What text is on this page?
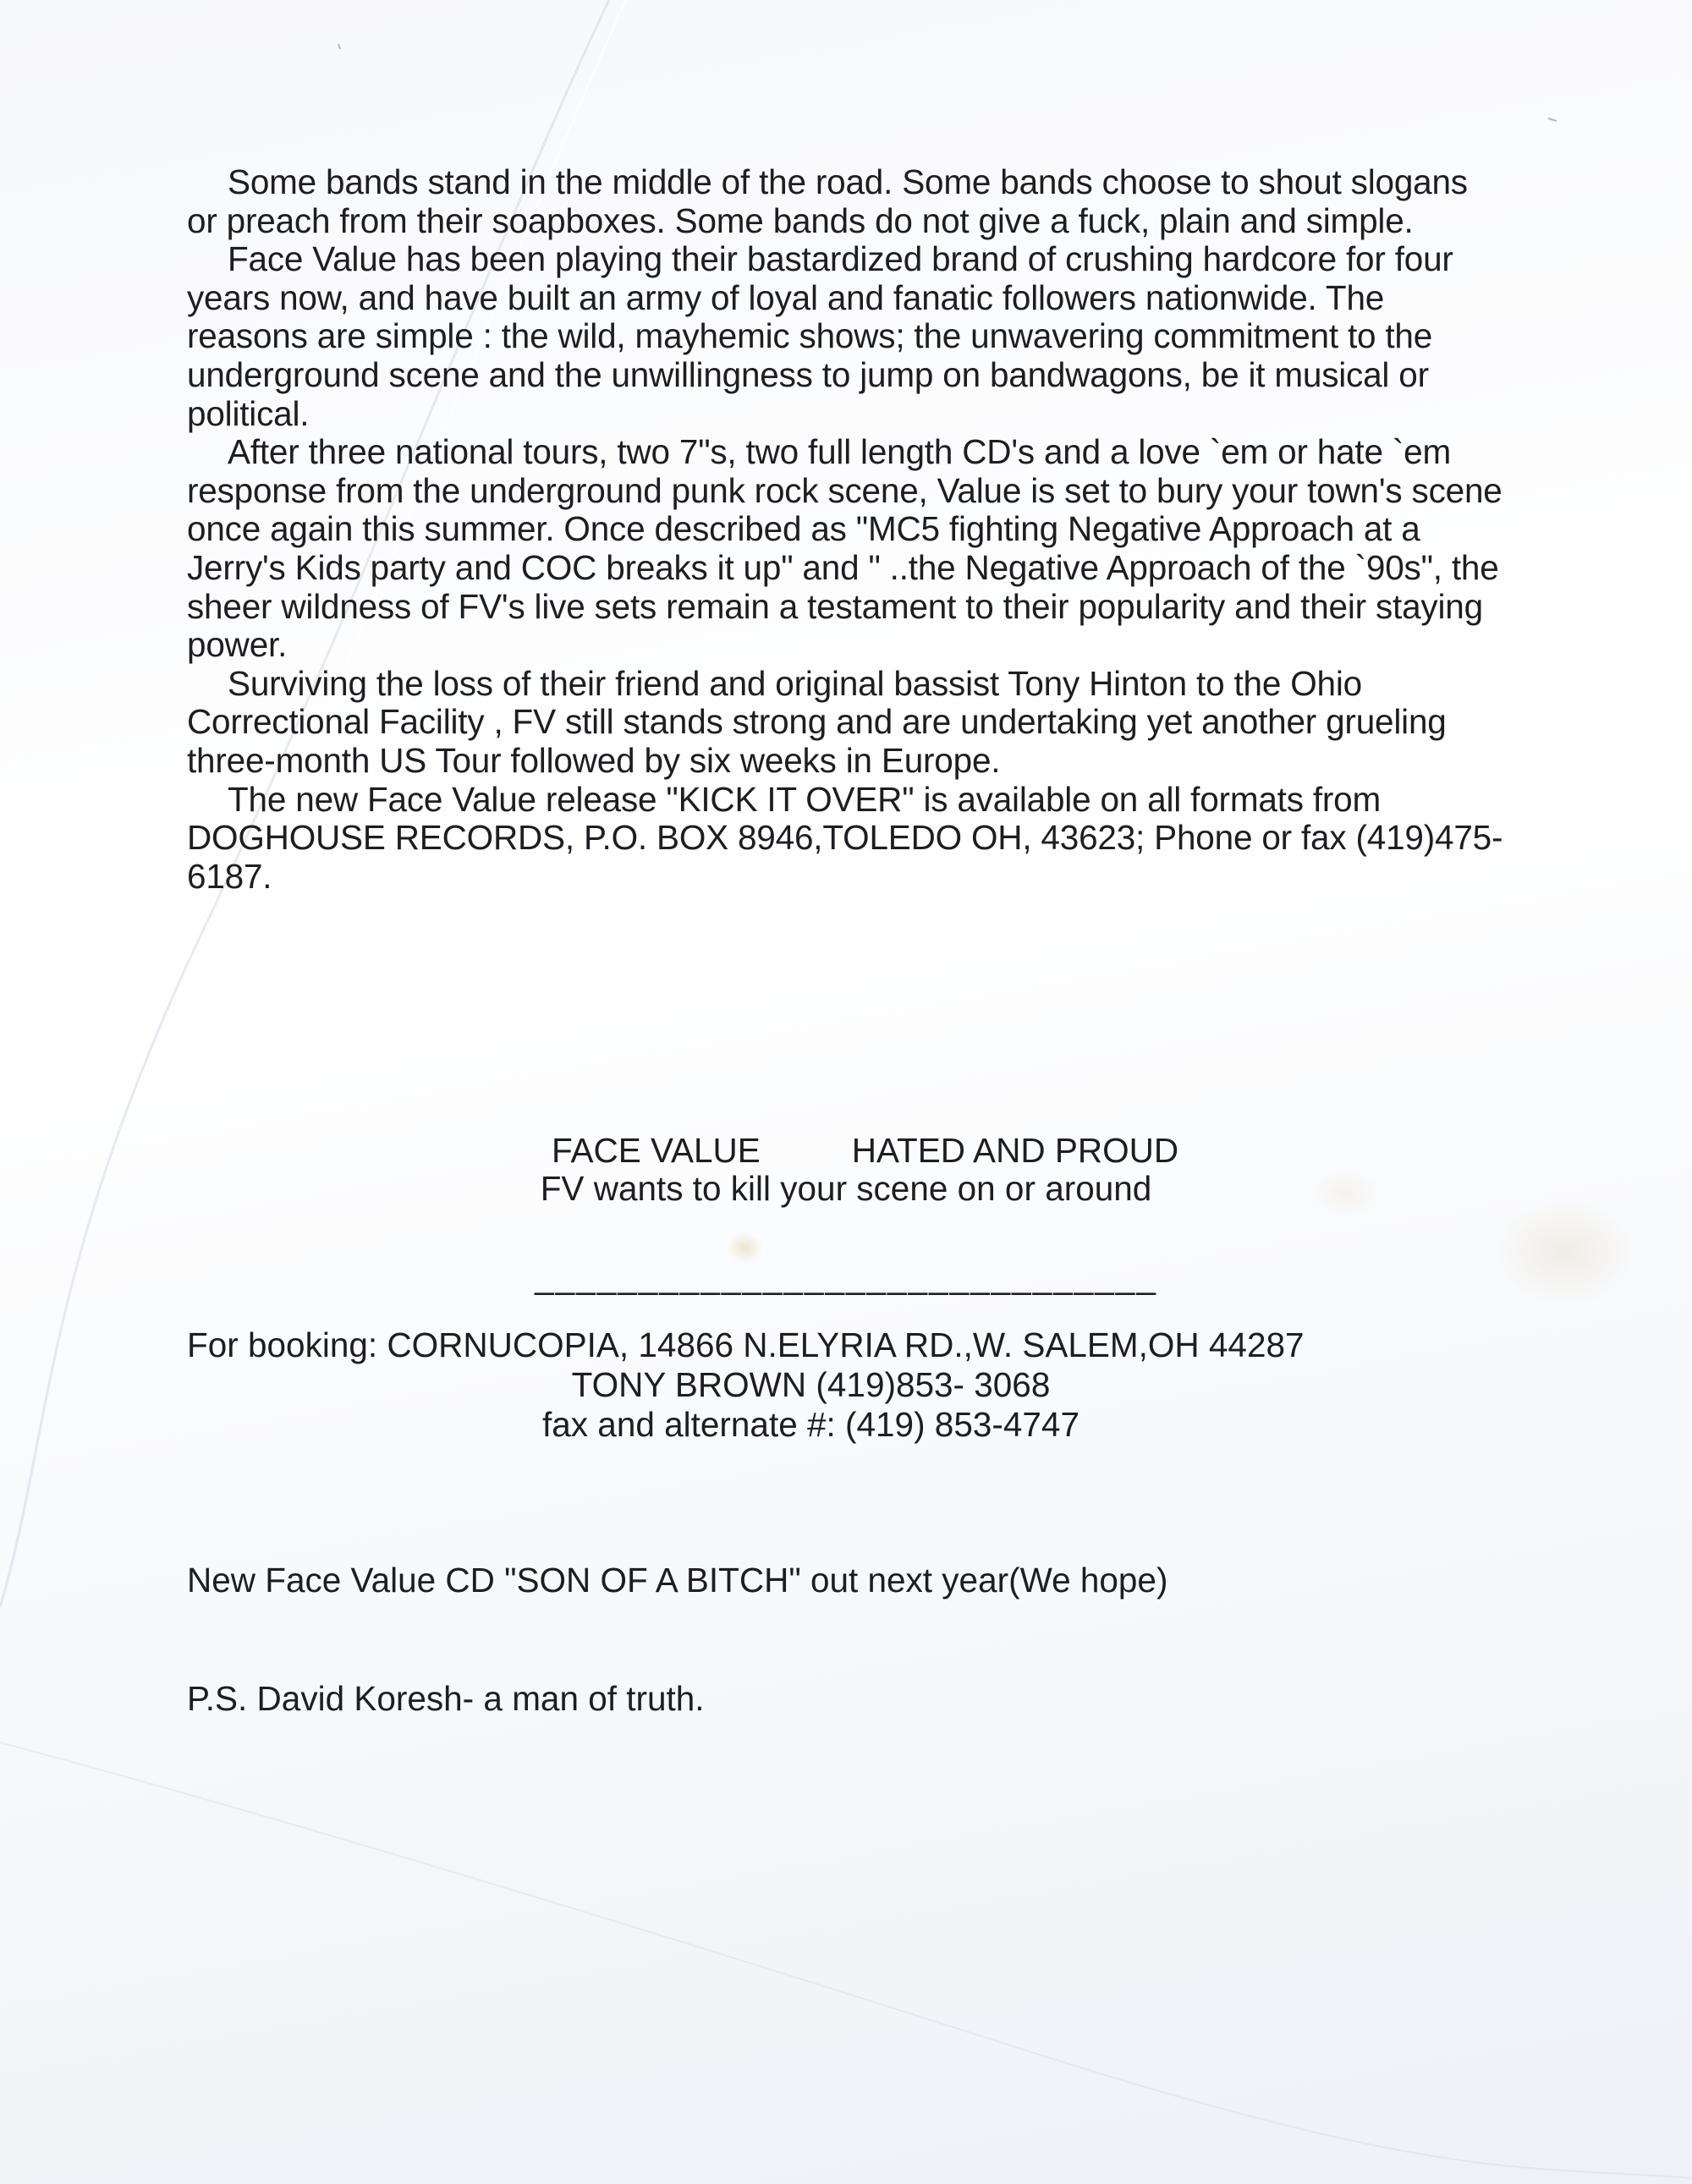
Some bands stand in the middle of the road. Some bands choose to shout slogans or preach from their soapboxes. Some bands do not give a fuck, plain and simple.

Face Value has been playing their bastardized brand of crushing hardcore for four years now, and have built an army of loyal and fanatic followers nationwide. The reasons are simple : the wild, mayhemic shows; the unwavering commitment to the underground scene and the unwillingness to jump on bandwagons, be it musical or political.

After three national tours, two 7"s, two full length CD's and a love `em or hate `em response from the underground punk rock scene, Value is set to bury your town's scene once again this summer. Once described as "MC5 fighting Negative Approach at a Jerry's Kids party and COC breaks it up" and " ..the Negative Approach of the `90s", the sheer wildness of FV's live sets remain a testament to their popularity and their staying power.

Surviving the loss of their friend and original bassist Tony Hinton to the Ohio Correctional Facility , FV still stands strong and are undertaking yet another grueling three-month US Tour followed by six weeks in Europe.

The new Face Value release "KICK IT OVER" is available on all formats from DOGHOUSE RECORDS, P.O. BOX 8946,TOLEDO OH, 43623; Phone or fax (419)475-6187.

FACE VALUE	HATED AND PROUD

FV wants to kill your scene on or around
______________________________
For booking: CORNUCOPIA, 14866 N.ELYRIA RD.,W. SALEM,OH 44287
TONY BROWN (419)853- 3068
fax and alternate #: (419) 853-4747
New Face Value CD "SON OF A BITCH" out next year(We hope)
P.S. David Koresh- a man of truth.
